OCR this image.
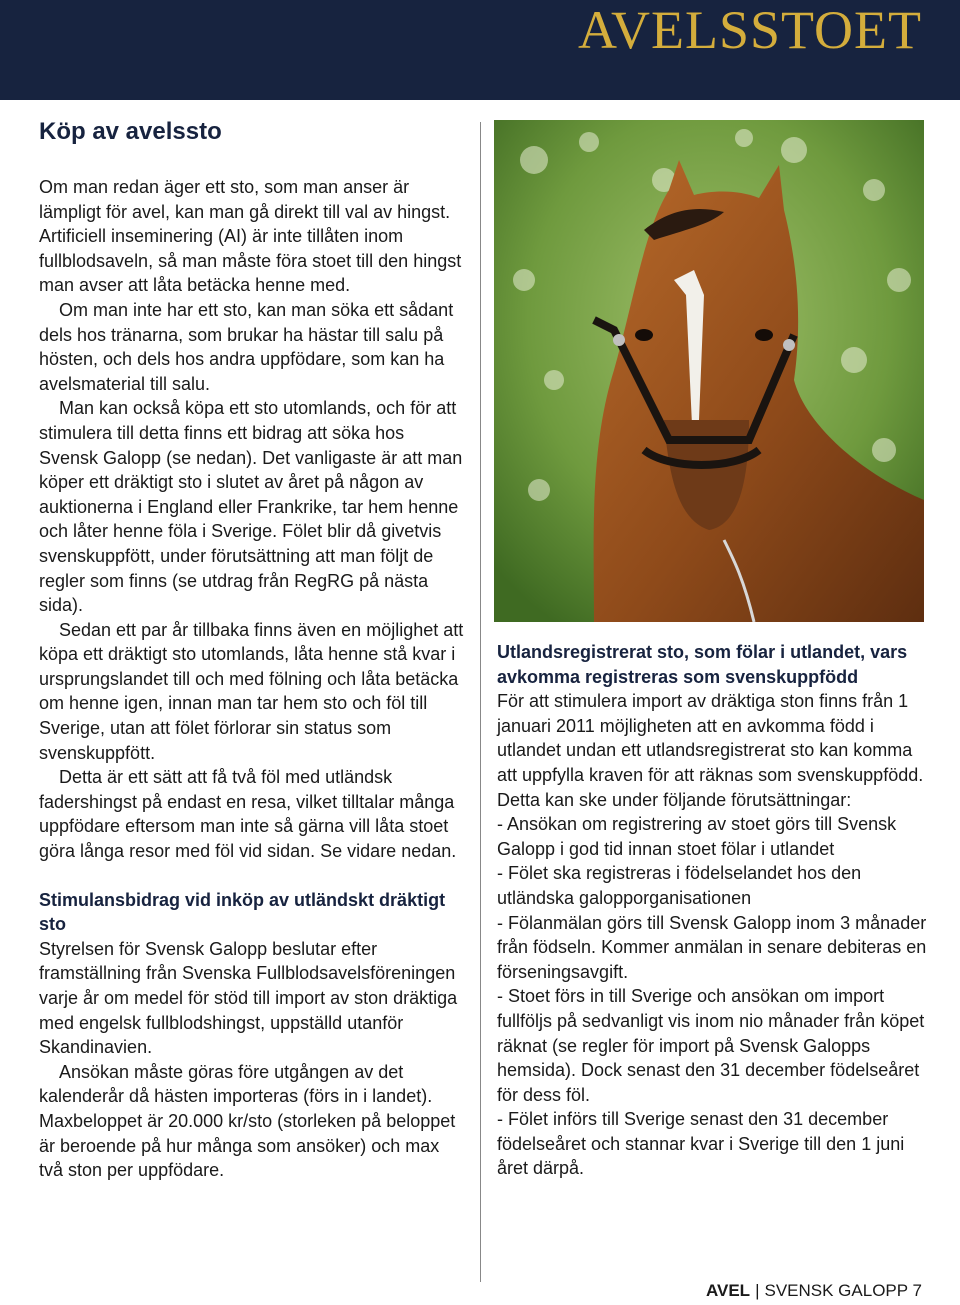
AVELSSTOET
Köp av avelssto

Om man redan äger ett sto, som man anser är lämpligt för avel, kan man gå direkt till val av hingst. Artificiell inseminering (AI) är inte tillåten inom fullblodsaveln, så man måste föra stoet till den hingst man avser att låta betäcka henne med.

Om man inte har ett sto, kan man söka ett sådant dels hos tränarna, som brukar ha hästar till salu på hösten, och dels hos andra uppfödare, som kan ha avelsmaterial till salu.

Man kan också köpa ett sto utomlands, och för att stimulera till detta finns ett bidrag att söka hos Svensk Galopp (se nedan). Det vanligaste är att man köper ett dräktigt sto i slutet av året på någon av auktionerna i England eller Frankrike, tar hem henne och låter henne föla i Sverige. Fölet blir då givetvis svenskuppfött, under förutsättning att man följt de regler som finns (se utdrag från RegRG på nästa sida).

Sedan ett par år tillbaka finns även en möjlighet att köpa ett dräktigt sto utomlands, låta henne stå kvar i ursprungslandet till och med fölning och låta betäcka om henne igen, innan man tar hem sto och föl till Sverige, utan att fölet förlorar sin status som svenskuppfött.

Detta är ett sätt att få två föl med utländsk fadershingst på endast en resa, vilket tilltalar många uppfödare eftersom man inte så gärna vill låta stoet göra långa resor med föl vid sidan. Se vidare nedan.

Stimulansbidrag vid inköp av utländskt dräktigt sto

Styrelsen för Svensk Galopp beslutar efter framställning från Svenska Fullblodsavelsföreningen varje år om medel för stöd till import av ston dräktiga med engelsk fullblodshingst, uppställd utanför Skandinavien.

Ansökan måste göras före utgången av det kalenderår då hästen importeras (förs in i landet). Maxbeloppet är 20.000 kr/sto (storleken på beloppet är beroende på hur många som ansöker) och max två ston per uppfödare.

Utlandsregistrerat sto, som fölar i utlandet, vars avkomma registreras som svenskuppfödd

För att stimulera import av dräktiga ston finns från 1 januari 2011 möjligheten att en avkomma född i utlandet undan ett utlandsregistrerat sto kan komma att uppfylla kraven för att räknas som svenskuppfödd. Detta kan ske under följande förutsättningar:

- Ansökan om registrering av stoet görs till Svensk Galopp i god tid innan stoet fölar i utlandet

- Fölet ska registreras i födelselandet hos den utländska galopporganisationen

- Fölanmälan görs till Svensk Galopp inom 3 månader från födseln. Kommer anmälan in senare debiteras en förseningsavgift.

- Stoet förs in till Sverige och ansökan om import fullföljs på sedvanligt vis inom nio månader från köpet räknat (se regler för import på Svensk Galopps hemsida). Dock senast den 31 december födelseåret för dess föl.

- Fölet införs till Sverige senast den 31 december födelseåret och stannar kvar i Sverige till den 1 juni året därpå.

AVEL | SVENSK GALOPP 7
